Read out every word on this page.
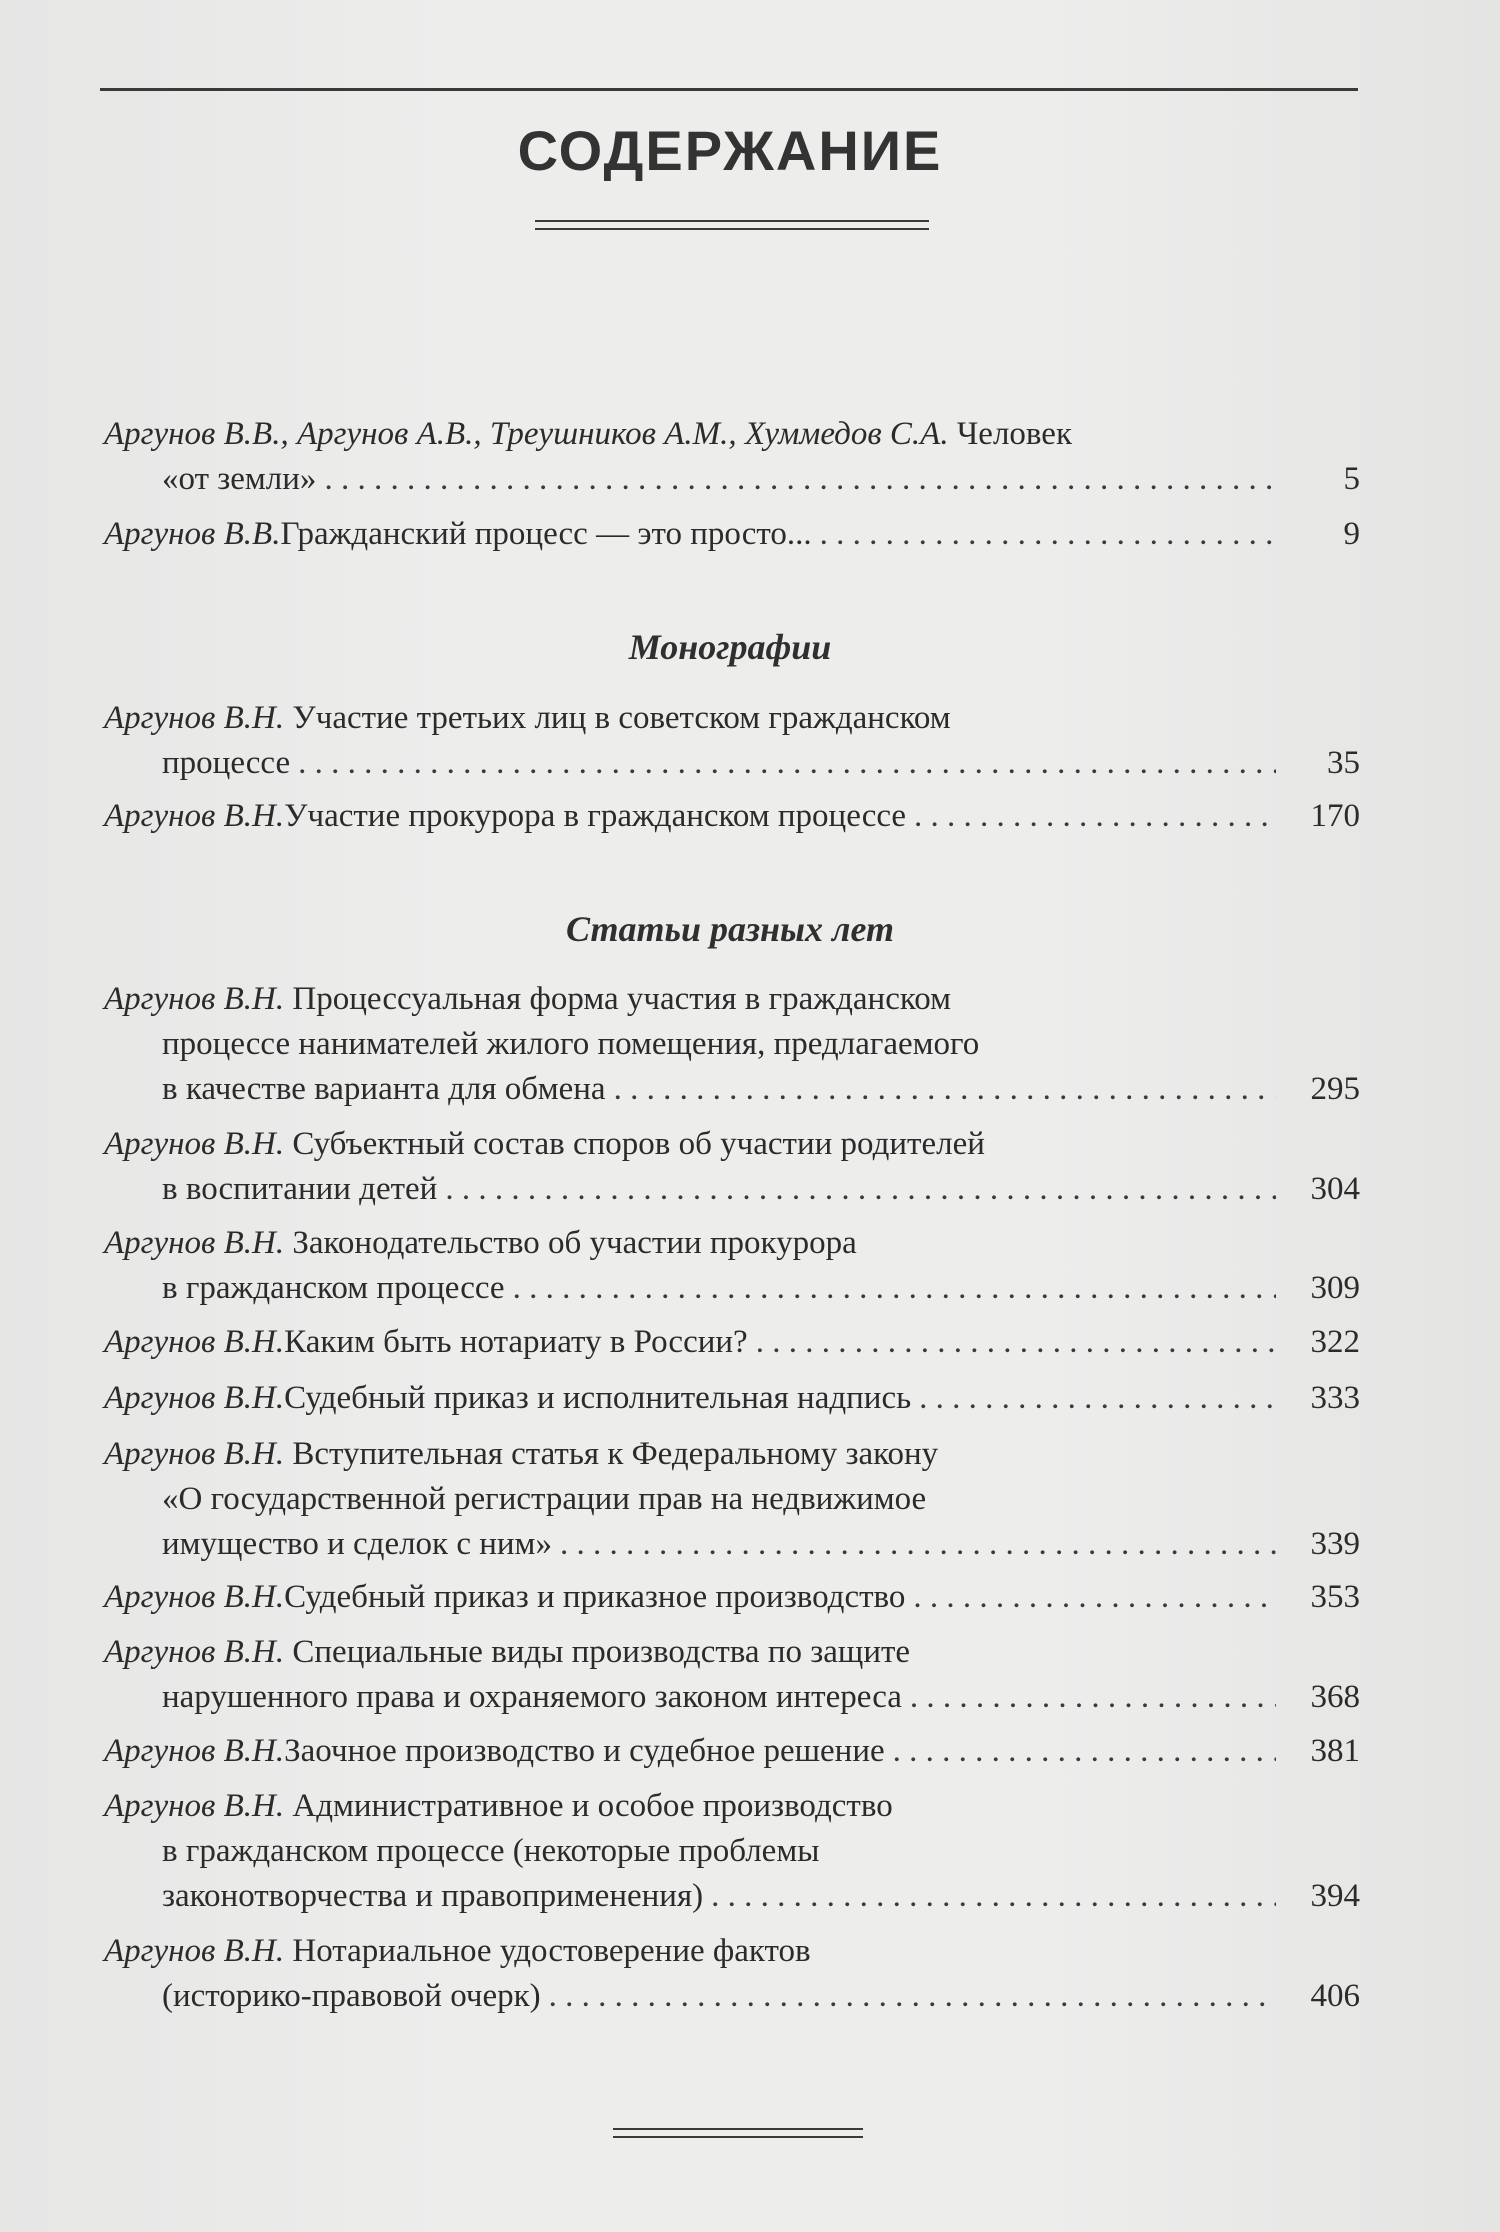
СОДЕРЖАНИЕ
Аргунов В.В., Аргунов А.В., Треушников А.М., Хуммедов С.А. Человек
«от земли» . . .	5
Аргунов В.В. Гражданский процесс — это просто... . . .	9
Монографии
Аргунов В.Н. Участие третьих лиц в советском гражданском
процессе . . .	35
Аргунов В.Н. Участие прокурора в гражданском процессе . . .	170
Статьи разных лет
Аргунов В.Н. Процессуальная форма участия в гражданском
процессе нанимателей жилого помещения, предлагаемого
в качестве варианта для обмена . . .	295
Аргунов В.Н. Субъектный состав споров об участии родителей
в воспитании детей . . .	304
Аргунов В.Н. Законодательство об участии прокурора
в гражданском процессе . . .	309
Аргунов В.Н. Каким быть нотариату в России? . . .	322
Аргунов В.Н. Судебный приказ и исполнительная надпись . . .	333
Аргунов В.Н. Вступительная статья к Федеральному закону
«О государственной регистрации прав на недвижимое
имущество и сделок с ним» . . .	339
Аргунов В.Н. Судебный приказ и приказное производство . . .	353
Аргунов В.Н. Специальные виды производства по защите
нарушенного права и охраняемого законом интереса . . .	368
Аргунов В.Н. Заочное производство и судебное решение . . .	381
Аргунов В.Н. Административное и особое производство
в гражданском процессе (некоторые проблемы
законотворчества и правоприменения) . . .	394
Аргунов В.Н. Нотариальное удостоверение фактов
(историко-правовой очерк) . . .	406
